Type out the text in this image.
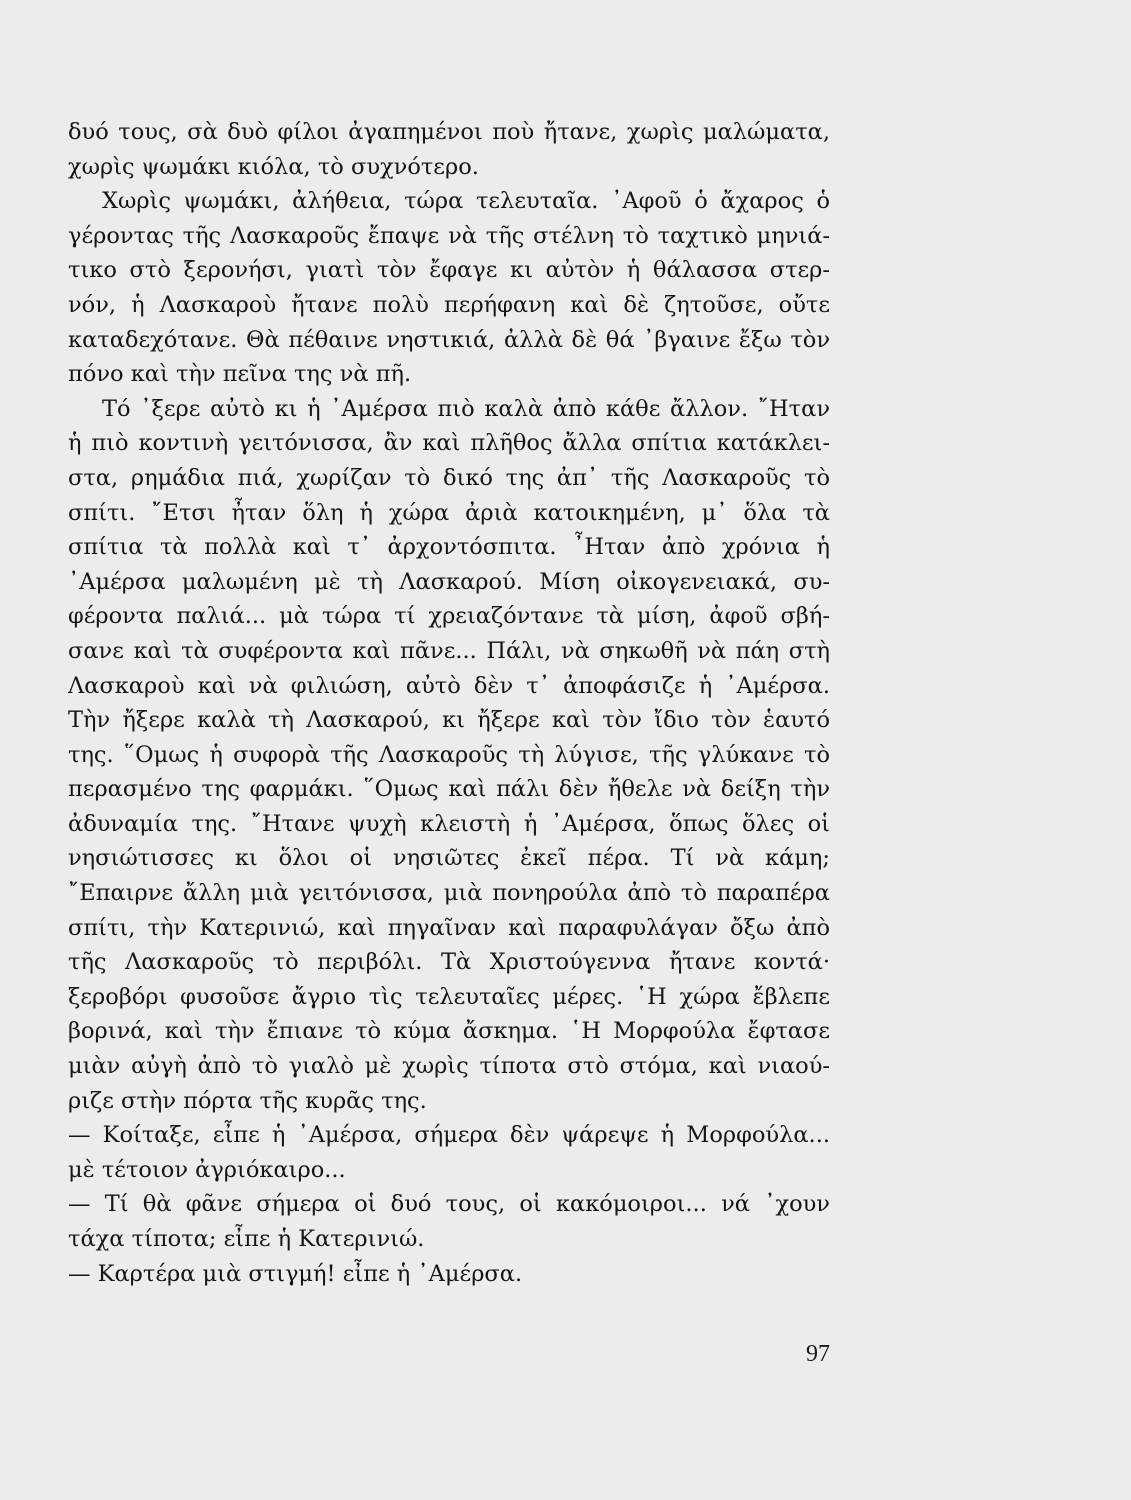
δυό τους, σὰ δυὸ φίλοι ἀγαπημένοι ποὺ ἤτανε, χωρὶς μαλώματα,
χωρὶς ψωμάκι κιόλα, τὸ συχνότερο.
Χωρὶς ψωμάκι, ἀλήθεια, τώρα τελευταῖα. ᾿Αφοῦ ὁ ἄχαρος ὁ
γέροντας τῆς Λασκαροῦς ἔπαψε νὰ τῆς στέλνη τὸ ταχτικὸ μηνιά-
τικο στὸ ξερονήσι, γιατὶ τὸν ἔφαγε κι αὐτὸν ἡ θάλασσα στερ-
νόν, ἡ Λασκαροὺ ἤτανε πολὺ περήφανη καὶ δὲ ζητοῦσε, οὔτε
καταδεχότανε. Θὰ πέθαινε νηστικιά, ἀλλὰ δὲ θά ᾿βγαινε ἔξω τὸν
πόνο καὶ τὴν πεῖνα της νὰ πῆ.
Τό ᾿ξερε αὐτὸ κι ἡ ᾿Αμέρσα πιὸ καλὰ ἀπὸ κάθε ἄλλον. ῎Ηταν
ἡ πιὸ κοντινὴ γειτόνισσα, ἂν καὶ πλῆθος ἄλλα σπίτια κατάκλει-
στα, ρημάδια πιά, χωρίζαν τὸ δικό της ἀπ᾿ τῆς Λασκαροῦς τὸ
σπίτι. ῎Ετσι ἦταν ὅλη ἡ χώρα ἀριὰ κατοικημένη, μ᾿ ὅλα τὰ
σπίτια τὰ πολλὰ καὶ τ᾿ ἀρχοντόσπιτα. ῏Ηταν ἀπὸ χρόνια ἡ
᾿Αμέρσα μαλωμένη μὲ τὴ Λασκαρού. Μίση οἰκογενειακά, συ-
φέροντα παλιά... μὰ τώρα τί χρειαζόντανε τὰ μίση, ἀφοῦ σβή-
σανε καὶ τὰ συφέροντα καὶ πᾶνε... Πάλι, νὰ σηκωθῆ νὰ πάη στὴ
Λασκαροὺ καὶ νὰ φιλιώση, αὐτὸ δὲν τ᾿ ἀποφάσιζε ἡ ᾿Αμέρσα.
Τὴν ἤξερε καλὰ τὴ Λασκαρού, κι ἤξερε καὶ τὸν ἴδιο τὸν ἑαυτό
της. ῞Ομως ἡ συφορὰ τῆς Λασκαροῦς τὴ λύγισε, τῆς γλύκανε τὸ
περασμένο της φαρμάκι. ῞Ομως καὶ πάλι δὲν ἤθελε νὰ δείξη τὴν
ἀδυναμία της. ῎Ητανε ψυχὴ κλειστὴ ἡ ᾿Αμέρσα, ὅπως ὅλες οἱ
νησιώτισσες κι ὅλοι οἱ νησιῶτες ἐκεῖ πέρα. Τί νὰ κάμη;
῎Επαιρνε ἄλλη μιὰ γειτόνισσα, μιὰ πονηρούλα ἀπὸ τὸ παραπέρα
σπίτι, τὴν Κατερινιώ, καὶ πηγαῖναν καὶ παραφυλάγαν ὄξω ἀπὸ
τῆς Λασκαροῦς τὸ περιβόλι. Τὰ Χριστούγεννα ἤτανε κοντά·
ξεροβόρι φυσοῦσε ἄγριο τὶς τελευταῖες μέρες. ῾Η χώρα ἔβλεπε
βορινά, καὶ τὴν ἔπιανε τὸ κύμα ἄσκημα. ῾Η Μορφούλα ἔφτασε
μιὰν αὐγὴ ἀπὸ τὸ γιαλὸ μὲ χωρὶς τίποτα στὸ στόμα, καὶ νιαού-
ριζε στὴν πόρτα τῆς κυρᾶς της.
— Κοίταξε, εἶπε ἡ ᾿Αμέρσα, σήμερα δὲν ψάρεψε ἡ Μορφούλα...
μὲ τέτοιον ἀγριόκαιρο...
— Τί θὰ φᾶνε σήμερα οἱ δυό τους, οἱ κακόμοιροι... νά ᾿χουν
τάχα τίποτα; εἶπε ἡ Κατερινιώ.
— Καρτέρα μιὰ στιγμή! εἶπε ἡ ᾿Αμέρσα.
97
